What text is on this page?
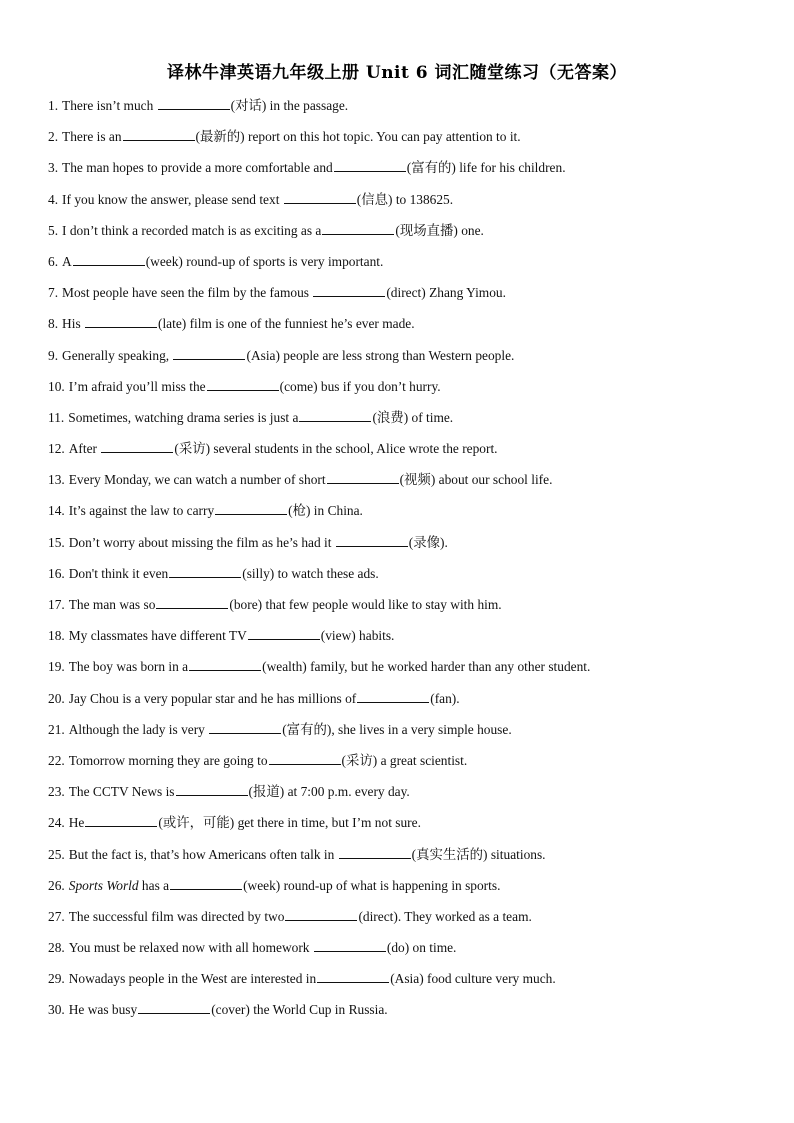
译林牛津英语九年级上册 Unit 6 词汇随堂练习（无答案）
1. There isn’t much	(对话) in the passage.
2. There is an	(最新的) report on this hot topic. You can pay attention to it.
3. The man hopes to provide a more comfortable and	(富有的) life for his children.
4. If you know the answer, please send text	(信息) to 138625.
5. I don’t think a recorded match is as exciting as a	(现场直播) one.
6. A	(week) round-up of sports is very important.
7. Most people have seen the film by the famous	(direct) Zhang Yimou.
8. His	(late) film is one of the funniest he’s ever made.
9. Generally speaking,	(Asia) people are less strong than Western people.
10. I’m afraid you’ll miss the	(come) bus if you don’t hurry.
11. Sometimes, watching drama series is just a	(浪费) of time.
12. After	(采访) several students in the school, Alice wrote the report.
13. Every Monday, we can watch a number of short	(视频) about our school life.
14. It’s against the law to carry	(枪) in China.
15. Don’t worry about missing the film as he’s had it	(录像).
16. Don't think it even	(silly) to watch these ads.
17. The man was so	(bore) that few people would like to stay with him.
18. My classmates have different TV	(view) habits.
19. The boy was born in a	(wealth) family, but he worked harder than any other student.
20. Jay Chou is a very popular star and he has millions of	(fan).
21. Although the lady is very	(富有的), she lives in a very simple house.
22. Tomorrow morning they are going to	(采访) a great scientist.
23. The CCTV News is	(报道) at 7:00 p.m. every day.
24. He	(或许，可能) get there in time, but I’m not sure.
25. But the fact is, that’s how Americans often talk in	(真实生活的) situations.
26. Sports World has a	(week) round-up of what is happening in sports.
27. The successful film was directed by two	(direct). They worked as a team.
28. You must be relaxed now with all homework	(do) on time.
29. Nowadays people in the West are interested in	(Asia) food culture very much.
30. He was busy	(cover) the World Cup in Russia.
